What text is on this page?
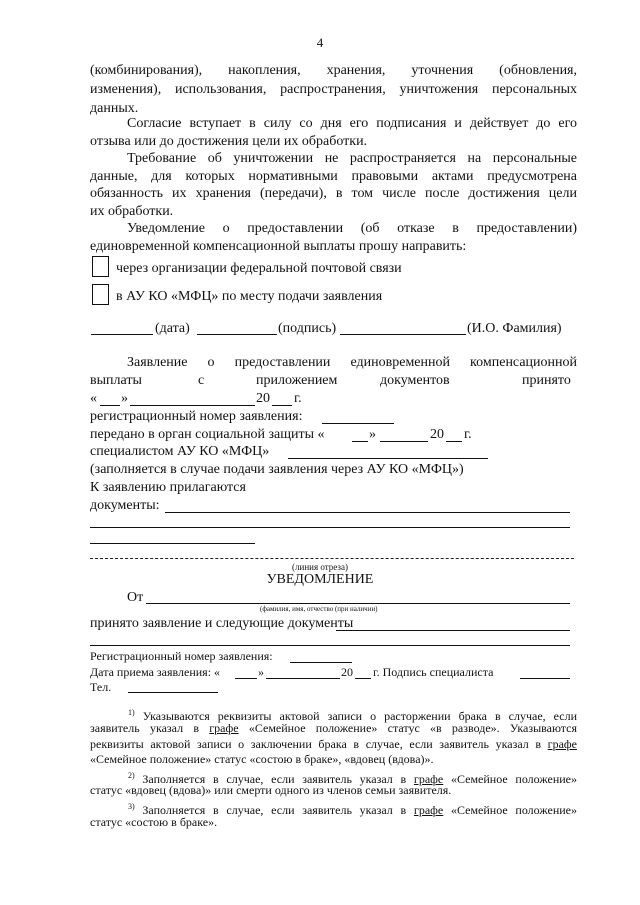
4
(комбинирования), накопления, хранения, уточнения (обновления,
изменения), использования, распространения, уничтожения персональных
данных.
Согласие вступает в силу со дня его подписания и действует до его
отзыва или до достижения цели их обработки.
Требование об уничтожении не распространяется на персональные
данные, для которых нормативными правовыми актами предусмотрена
обязанность их хранения (передачи), в том числе после достижения цели
их обработки.
Уведомление о предоставлении (об отказе в предоставлении)
единовременной компенсационной выплаты прошу направить:
через организации федеральной почтовой связи
в АУ КО «МФЦ» по месту подачи заявления
(дата)	(подпись)	(И.О. Фамилия)
Заявление о предоставлении единовременной компенсационной
выплаты	с	приложением	документов	принято
« »	20 г.
регистрационный номер заявления:
передано в орган социальной защиты «	»	20 г.
специалистом АУ КО «МФЦ»
(заполняется в случае подачи заявления через АУ КО «МФЦ»)
К заявлению прилагаются
документы:
(линия отреза)
УВЕДОМЛЕНИЕ
От
(фамилия, имя, отчество (при наличии)
принято заявление и следующие документы
Регистрационный номер заявления:
Дата приема заявления: «	»	20 г. Подпись специалиста
Тел.
$^{1)}$ Указываются реквизиты актовой записи о расторжении брака в случае, если
заявитель указал в графе «Семейное положение» статус «в разводе». Указываются
реквизиты актовой записи о заключении брака в случае, если заявитель указал в графе
«Семейное положение» статус «состою в браке», «вдовец (вдова)».
$^{2)}$ Заполняется в случае, если заявитель указал в графе «Семейное положение»
статус «вдовец (вдова)» или смерти одного из членов семьи заявителя.
$^{3)}$ Заполняется в случае, если заявитель указал в графе «Семейное положение»
статус «состою в браке».
